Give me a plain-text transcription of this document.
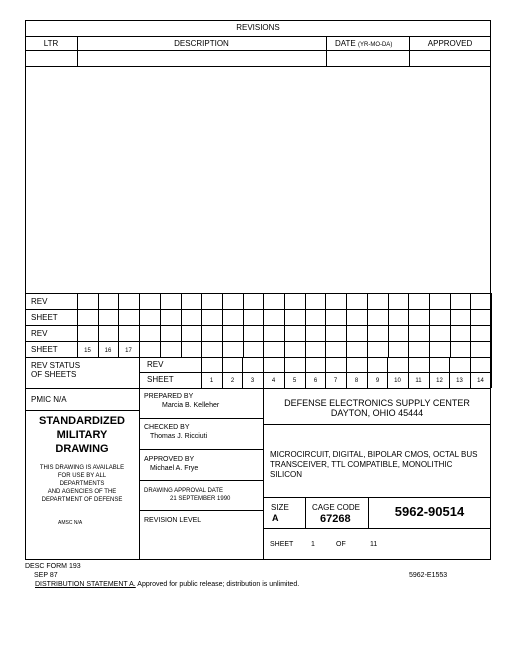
REVISIONS
LTR	DESCRIPTION	DATE (YR-MO-DA)	APPROVED
REV
SHEET
REV
SHEET	15	16	17
REV STATUS
OF SHEETS
REV
SHEET	1	2	3	4	5	6	7	8	9	10	11	12	13	14
PMIC N/A
STANDARDIZED
MILITARY
DRAWING
THIS DRAWING IS AVAILABLE
FOR USE BY ALL
DEPARTMENTS
AND AGENCIES OF THE
DEPARTMENT OF DEFENSE
AMSC N/A
PREPARED BY
Marcia B. Kelleher
CHECKED BY
Thomas J. Ricciuti
APPROVED BY
Michael A. Frye
DRAWING APPROVAL DATE
21 SEPTEMBER 1990
REVISION LEVEL
DEFENSE ELECTRONICS SUPPLY CENTER
DAYTON, OHIO 45444
MICROCIRCUIT, DIGITAL, BIPOLAR CMOS, OCTAL BUS
TRANSCEIVER, TTL COMPATIBLE, MONOLITHIC
SILICON
SIZE
A
CAGE CODE
67268	5962-90514
SHEET	1	OF	11
DESC FORM 193
SEP 87	5962-E1553
DISTRIBUTION STATEMENT A. Approved for public release; distribution is unlimited.
